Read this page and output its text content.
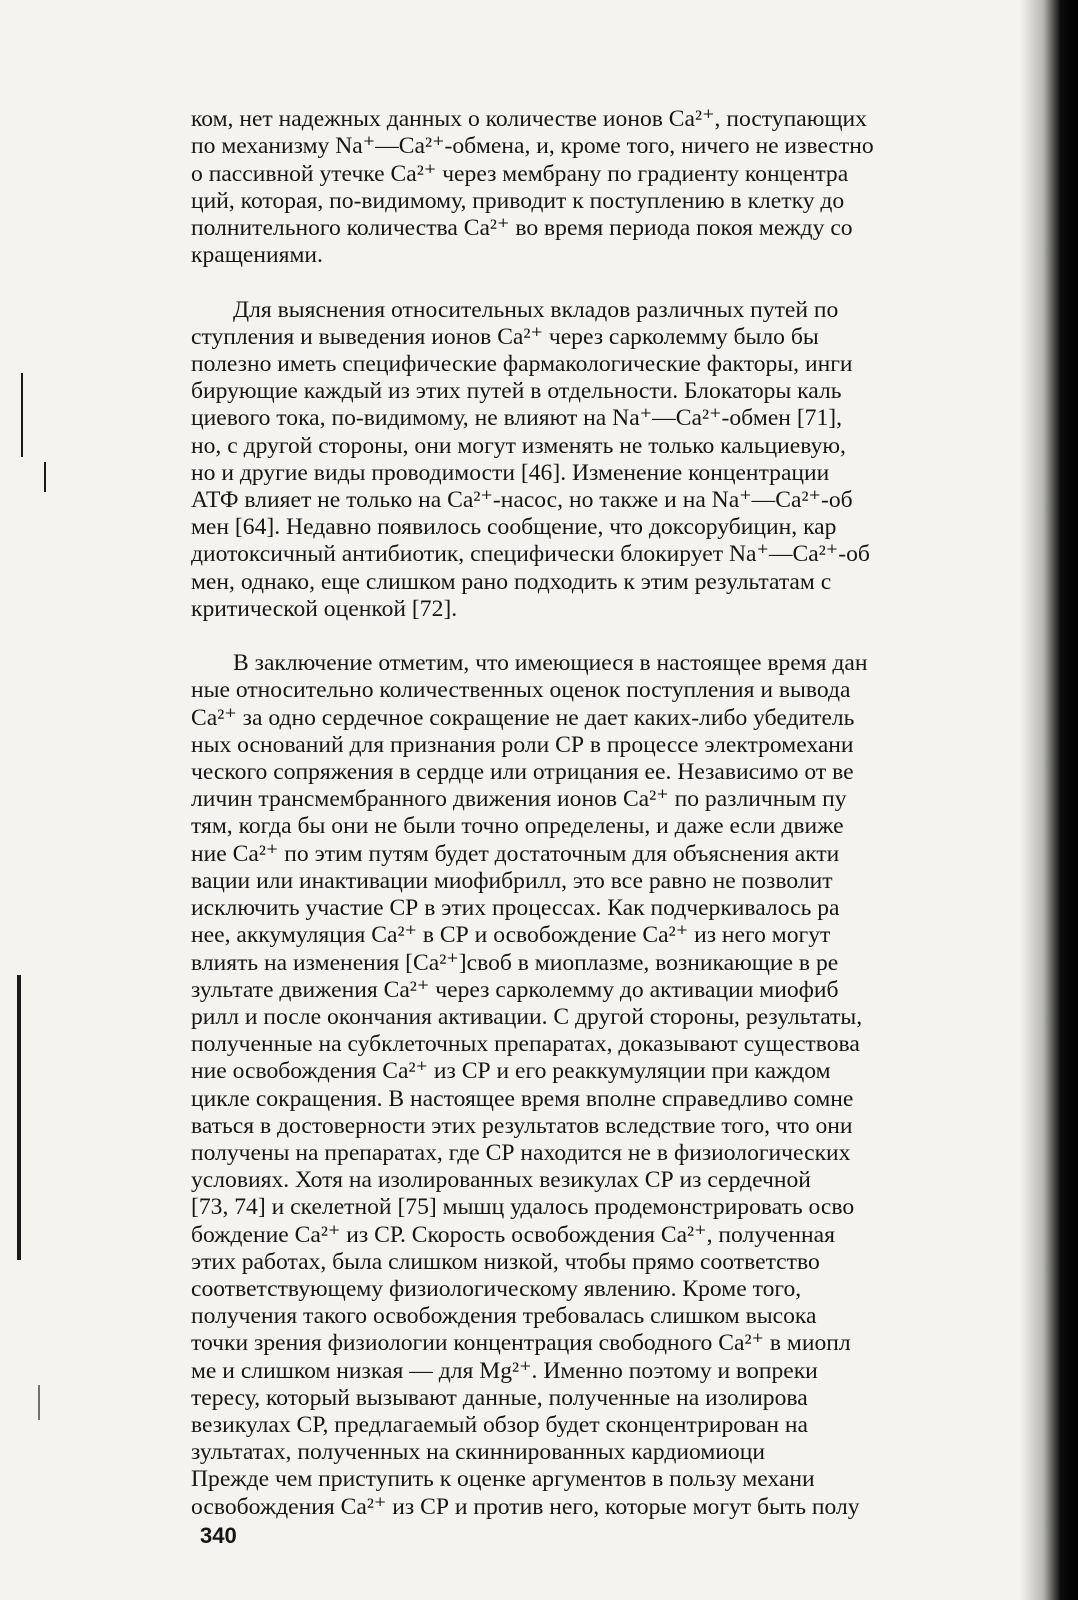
ком, нет надежных данных о количестве ионов Ca²⁺, поступающих
по механизму Na⁺—Ca²⁺-обмена, и, кроме того, ничего не известно
о пассивной утечке Ca²⁺ через мембрану по градиенту концентра
ций, которая, по-видимому, приводит к поступлению в клетку до
полнительного количества Ca²⁺ во время периода покоя между со
кращениями.

Для выяснения относительных вкладов различных путей по
ступления и выведения ионов Ca²⁺ через сарколемму было бы
полезно иметь специфические фармакологические факторы, инги
бирующие каждый из этих путей в отдельности. Блокаторы каль
циевого тока, по-видимому, не влияют на Na⁺—Ca²⁺-обмен [71],
но, с другой стороны, они могут изменять не только кальциевую,
но и другие виды проводимости [46]. Изменение концентрации
АТФ влияет не только на Ca²⁺-насос, но также и на Na⁺—Ca²⁺-об
мен [64]. Недавно появилось сообщение, что доксорубицин, кар
диотоксичный антибиотик, специфически блокирует Na⁺—Ca²⁺-об
мен, однако, еще слишком рано подходить к этим результатам с
критической оценкой [72].

В заключение отметим, что имеющиеся в настоящее время дан
ные относительно количественных оценок поступления и вывода
Ca²⁺ за одно сердечное сокращение не дает каких-либо убедитель
ных оснований для признания роли СР в процессе электромехани
ческого сопряжения в сердце или отрицания ее. Независимо от ве
личин трансмембранного движения ионов Ca²⁺ по различным пу
тям, когда бы они не были точно определены, и даже если движе
ние Ca²⁺ по этим путям будет достаточным для объяснения акти
вации или инактивации миофибрилл, это все равно не позволит
исключить участие СР в этих процессах. Как подчеркивалось ра
нее, аккумуляция Ca²⁺ в СР и освобождение Ca²⁺ из него могут
влиять на изменения [Ca²⁺]своб в миоплазме, возникающие в ре
зультате движения Ca²⁺ через сарколемму до активации миофиб
рилл и после окончания активации. С другой стороны, результаты,
полученные на субклеточных препаратах, доказывают существова
ние освобождения Ca²⁺ из СР и его реаккумуляции при каждом
цикле сокращения. В настоящее время вполне справедливо сомне
ваться в достоверности этих результатов вследствие того, что они
получены на препаратах, где СР находится не в физиологических
условиях. Хотя на изолированных везикулах СР из сердечной
[73, 74] и скелетной [75] мышц удалось продемонстрировать осво
бождение Ca²⁺ из СР. Скорость освобождения Ca²⁺, полученная
этих работах, была слишком низкой, чтобы прямо соответство
соответствующему физиологическому явлению. Кроме того,
получения такого освобождения требовалась слишком высока
точки зрения физиологии концентрация свободного Ca²⁺ в миопл
ме и слишком низкая — для Mg²⁺. Именно поэтому и вопреки
тересу, который вызывают данные, полученные на изолирова
везикулах СР, предлагаемый обзор будет сконцентрирован на
зультатах, полученных на скиннированных кардиомиоци
Прежде чем приступить к оценке аргументов в пользу механи
освобождения Ca²⁺ из СР и против него, которые могут быть полу

340
